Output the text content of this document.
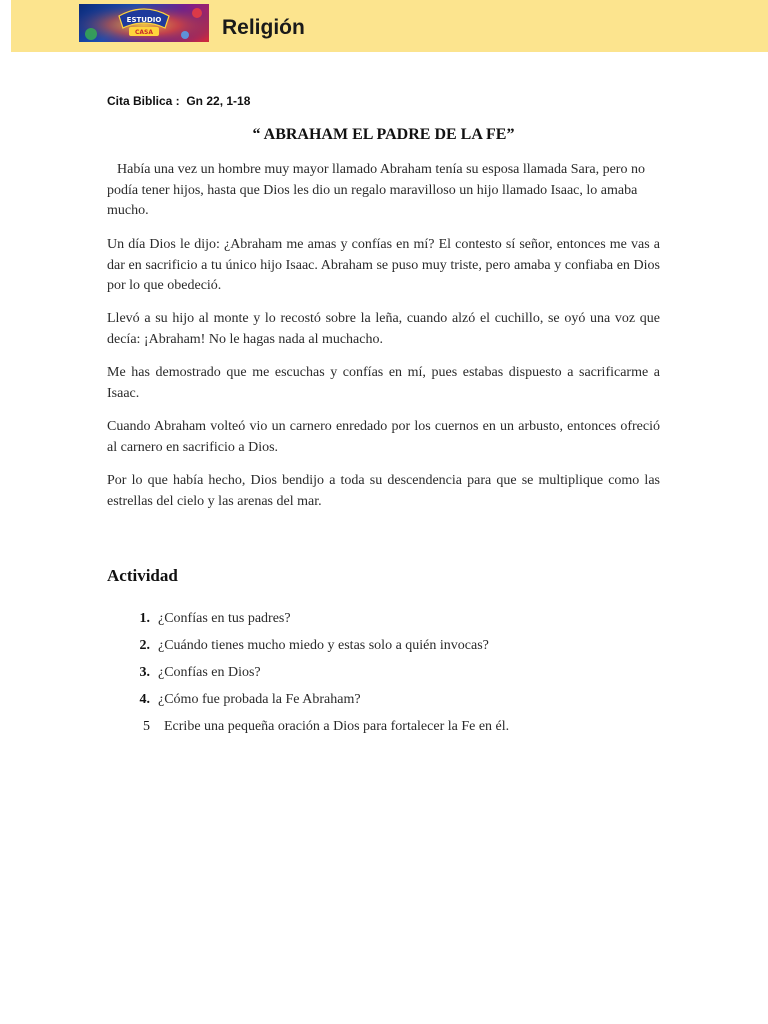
ESTUDIO
CASA	Religión
Cita Biblica :  Gn 22, 1-18
“ ABRAHAM EL PADRE DE LA FE”

Había una vez un hombre muy mayor llamado Abraham tenía su esposa llamada Sara, pero no podía tener hijos, hasta que Dios les dio un regalo maravilloso un hijo llamado Isaac, lo amaba mucho.

Un día Dios le dijo: ¿Abraham me amas y confías en mí? El contesto sí señor, entonces me vas a dar en sacrificio a tu único hijo Isaac. Abraham se puso muy triste, pero amaba y confiaba en Dios por lo que obedeció.

Llevó a su hijo al monte y lo recostó sobre la leña, cuando alzó el cuchillo, se oyó una voz que decía: ¡Abraham! No le hagas nada al muchacho.

Me has demostrado que me escuchas y confías en mí, pues estabas dispuesto a sacrificarme a Isaac.

Cuando Abraham volteó vio un carnero enredado por los cuernos en un arbusto, entonces ofreció al carnero en sacrificio a Dios.

Por lo que había hecho, Dios bendijo a toda su descendencia para que se multiplique como las estrellas del cielo y las arenas del mar.

Actividad
1. ¿Confías en tus padres?
2. ¿Cuándo tienes mucho miedo y estas solo a quién invocas?
3. ¿Confías en Dios?
4. ¿Cómo fue probada la Fe Abraham?
5 Ecribe una pequeña oración a Dios para fortalecer la Fe en él.
